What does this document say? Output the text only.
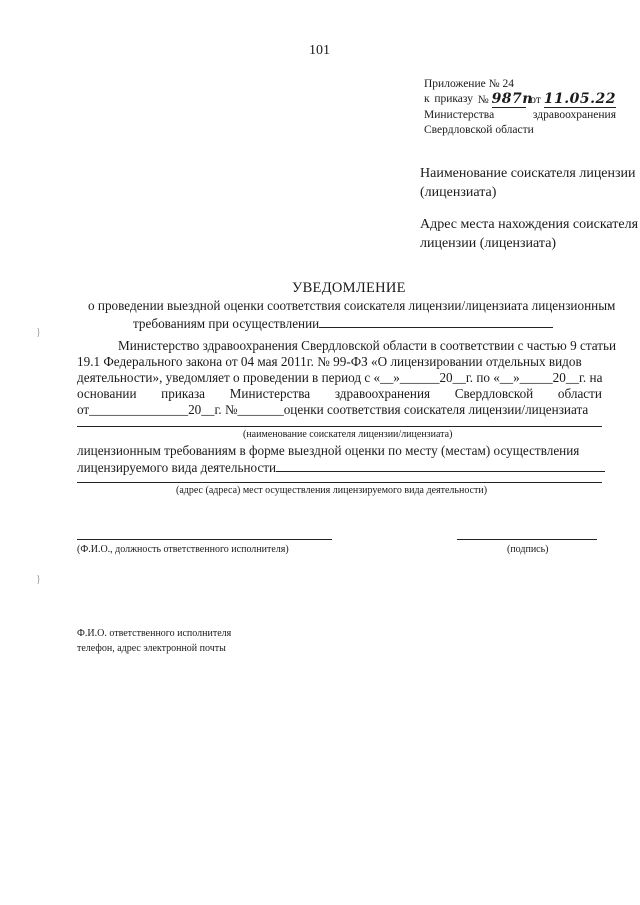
101
Приложение № 24
к приказу № 987п
от 11.05.22
Министерства	здравоохранения
Свердловской области
Наименование соискателя лицензии
(лицензиата)
Адрес места нахождения соискателя
лицензии (лицензиата)
УВЕДОМЛЕНИЕ
о проведении выездной оценки соответствия соискателя лицензии/лицензиата лицензионным
требованиям при осуществлении
Министерство здравоохранения Свердловской области в соответствии с частью 9 статьи
19.1 Федерального закона от 04 мая 2011г. № 99-ФЗ «О лицензировании отдельных видов
деятельности», уведомляет о проведении в период с «__»______20__г. по «__»_____20__г. на
основании приказа Министерства здравоохранения Свердловской области
от_______________20__г. №_______оценки соответствия соискателя лицензии/лицензиата
(наименование соискателя лицензии/лицензиата)
лицензионным требованиям в форме выездной оценки по месту (местам) осуществления
лицензируемого вида деятельности
(адрес (адреса) мест осуществления лицензируемого вида деятельности)
(Ф.И.О., должность ответственного исполнителя)	(подпись)
Ф.И.О. ответственного исполнителя
телефон, адрес электронной почты
}
}
